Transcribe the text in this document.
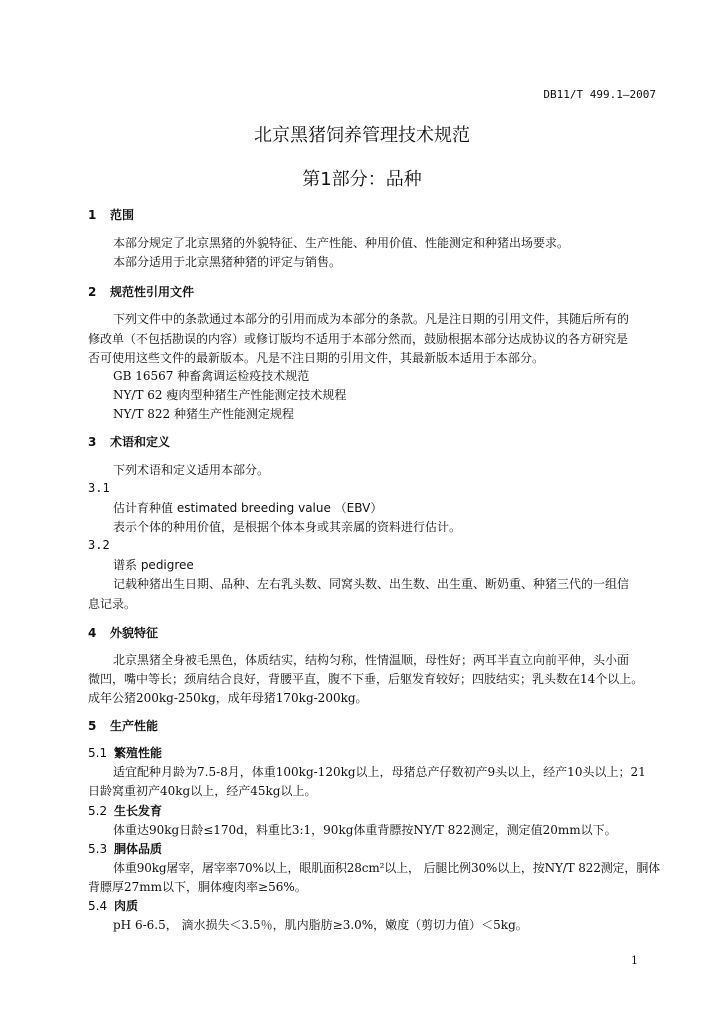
DB11/T 499.1—2007
北京黑猪饲养管理技术规范
第1部分：品种
1 范围
本部分规定了北京黑猪的外貌特征、生产性能、种用价值、性能测定和种猪出场要求。
本部分适用于北京黑猪种猪的评定与销售。
2 规范性引用文件
下列文件中的条款通过本部分的引用而成为本部分的条款。凡是注日期的引用文件，其随后所有的
修改单（不包括勘误的内容）或修订版均不适用于本部分然而，鼓励根据本部分达成协议的各方研究是
否可使用这些文件的最新版本。凡是不注日期的引用文件，其最新版本适用于本部分。
GB 16567 种畜禽调运检疫技术规范
NY/T 62 瘦肉型种猪生产性能测定技术规程
NY/T 822 种猪生产性能测定规程
3 术语和定义
下列术语和定义适用本部分。
3.1
估计育种值 estimated breeding value （EBV）
表示个体的种用价值，是根据个体本身或其亲属的资料进行估计。
3.2
谱系 pedigree
记载种猪出生日期、品种、左右乳头数、同窝头数、出生数、出生重、断奶重、种猪三代的一组信
息记录。
4 外貌特征
北京黑猪全身被毛黑色，体质结实，结构匀称，性情温顺，母性好；两耳半直立向前平伸，头小面
微凹，嘴中等长；颈肩结合良好，背腰平直，腹不下垂，后躯发育较好；四肢结实；乳头数在14个以上。
成年公猪200kg-250kg，成年母猪170kg-200kg。
5 生产性能
5.1 繁殖性能
适宜配种月龄为7.5-8月，体重100kg-120kg以上，母猪总产仔数初产9头以上，经产10头以上；21
日龄窝重初产40kg以上，经产45kg以上。
5.2 生长发育
体重达90kg日龄≤170d，料重比3:1，90kg体重背膘按NY/T 822测定，测定值20mm以下。
5.3 胴体品质
体重90kg屠宰，屠宰率70%以上，眼肌面积28cm²以上， 后腿比例30%以上，按NY/T 822测定，胴体
背膘厚27mm以下，胴体瘦肉率≥56%。
5.4 肉质
pH 6-6.5， 滴水损失＜3.5％，肌内脂肪≥3.0%，嫩度（剪切力值）＜5kg。
1
